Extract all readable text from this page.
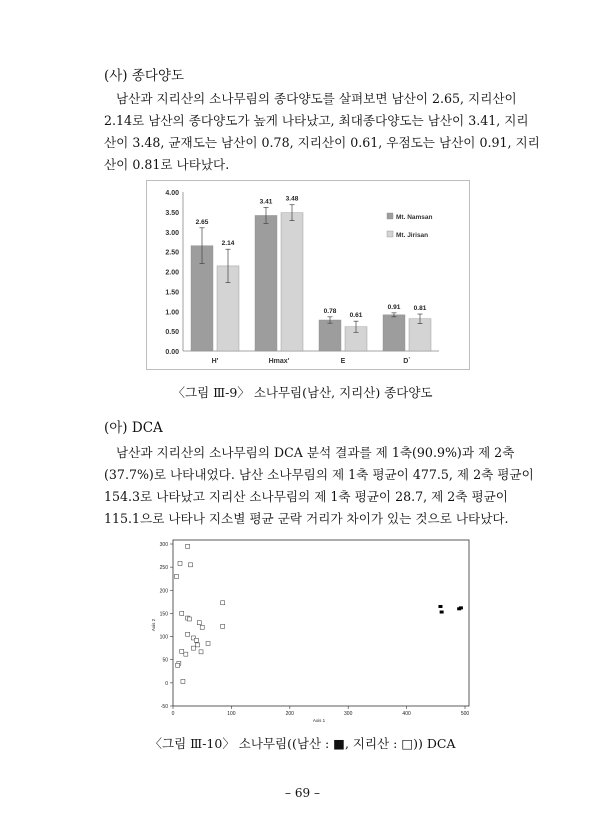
(사) 종다양도
남산과 지리산의 소나무림의 종다양도를 살펴보면 남산이 2.65, 지리산이
2.14로 남산의 종다양도가 높게 나타났고, 최대종다양도는 남산이 3.41, 지리
산이 3.48, 균재도는 남산이 0.78, 지리산이 0.61, 우점도는 남산이 0.91, 지리
산이 0.81로 나타났다.
0.00
0.50
1.00
1.50
2.00
2.50
3.00
3.50
4.00
H'
2.65
2.14
Hmax'
3.41 3.48
E
0.78
0.61
D`
0.91 0.81
Mt. Namsan
Mt. Jirisan
〈그림 Ⅲ-9〉 소나무림(남산, 지리산) 종다양도
(아) DCA
남산과 지리산의 소나무림의 DCA 분석 결과를 제 1축(90.9%)과 제 2축
(37.7%)로 나타내었다. 남산 소나무림의 제 1축 평균이 477.5, 제 2축 평균이
154.3로 나타났고 지리산 소나무림의 제 1축 평균이 28.7, 제 2축 평균이
115.1으로 나타나 지소별 평균 군락 거리가 차이가 있는 것으로 나타났다.
-50
0
50
100
150
200
250
300
0	100	200	300	400	500
Axis 1
Axis 2
〈그림 Ⅲ-10〉 소나무림((남산 : ■, 지리산 : □)) DCA
– 69 –
